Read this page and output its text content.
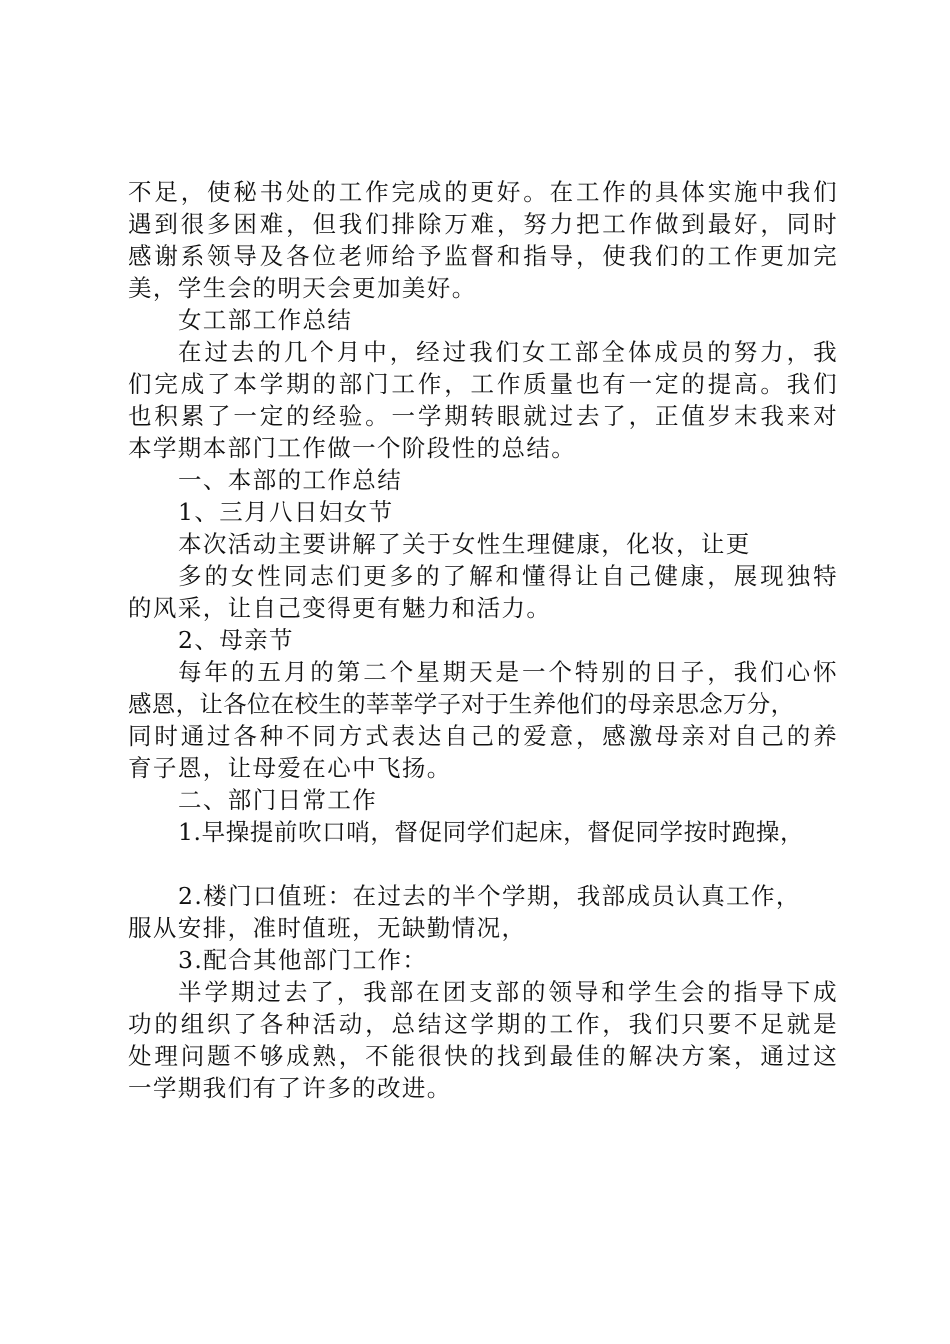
不足，使秘书处的工作完成的更好。在工作的具体实施中我们
遇到很多困难，但我们排除万难，努力把工作做到最好，同时
感谢系领导及各位老师给予监督和指导，使我们的工作更加完
美，学生会的明天会更加美好。
女工部工作总结
在过去的几个月中，经过我们女工部全体成员的努力，我
们完成了本学期的部门工作，工作质量也有一定的提高。我们
也积累了一定的经验。一学期转眼就过去了，正值岁末我来对
本学期本部门工作做一个阶段性的总结。
一、本部的工作总结
1、三月八日妇女节
本次活动主要讲解了关于女性生理健康，化妆，让更
多的女性同志们更多的了解和懂得让自己健康，展现独特
的风采，让自己变得更有魅力和活力。
2、母亲节
每年的五月的第二个星期天是一个特别的日子，我们心怀
感恩，让各位在校生的莘莘学子对于生养他们的母亲思念万分，
同时通过各种不同方式表达自己的爱意，感激母亲对自己的养
育子恩，让母爱在心中飞扬。
二、部门日常工作
1.早操提前吹口哨，督促同学们起床，督促同学按时跑操，
2.楼门口值班：在过去的半个学期，我部成员认真工作，
服从安排，准时值班，无缺勤情况，
3.配合其他部门工作：
半学期过去了，我部在团支部的领导和学生会的指导下成
功的组织了各种活动，总结这学期的工作，我们只要不足就是
处理问题不够成熟，不能很快的找到最佳的解决方案，通过这
一学期我们有了许多的改进。
